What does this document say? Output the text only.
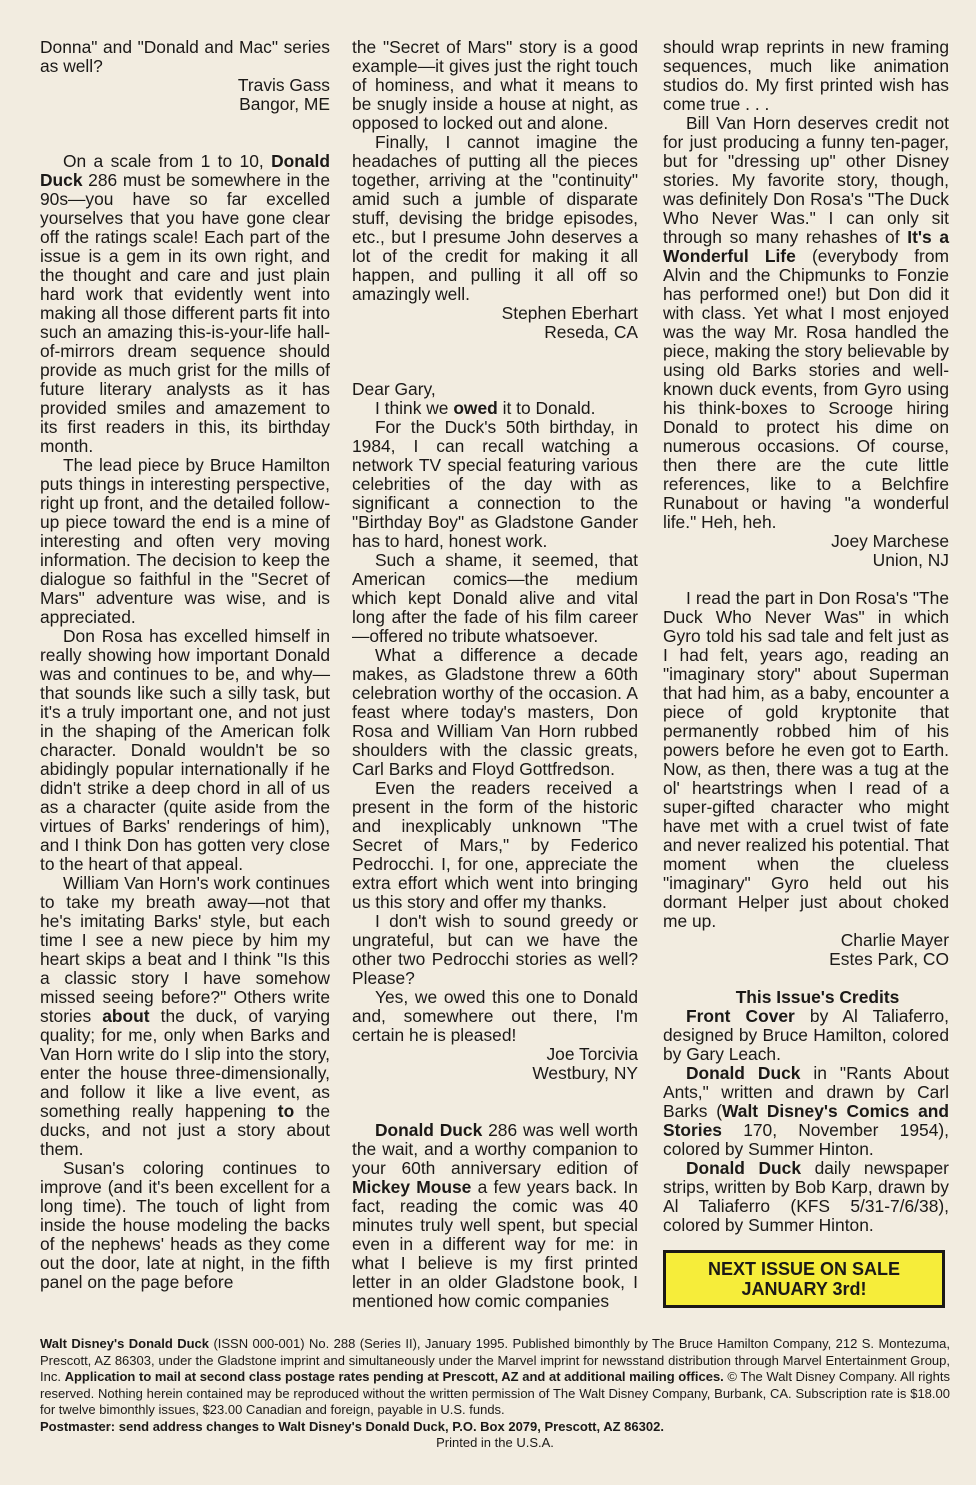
Donna" and "Donald and Mac" series as well?

Travis Gass

Bangor, ME

On a scale from 1 to 10, Donald Duck 286 must be somewhere in the 90s—you have so far excelled yourselves that you have gone clear off the ratings scale! Each part of the issue is a gem in its own right, and the thought and care and just plain hard work that evidently went into making all those different parts fit into such an amazing this-is-your-life hall-of-mirrors dream sequence should provide as much grist for the mills of future literary analysts as it has provided smiles and amazement to its first readers in this, its birthday month.

The lead piece by Bruce Hamilton puts things in interesting perspective, right up front, and the detailed follow-up piece toward the end is a mine of interesting and often very moving information. The decision to keep the dialogue so faithful in the "Secret of Mars" adventure was wise, and is appreciated.

Don Rosa has excelled himself in really showing how important Donald was and continues to be, and why—that sounds like such a silly task, but it's a truly important one, and not just in the shaping of the American folk character. Donald wouldn't be so abidingly popular internationally if he didn't strike a deep chord in all of us as a character (quite aside from the virtues of Barks' renderings of him), and I think Don has gotten very close to the heart of that appeal.

William Van Horn's work continues to take my breath away—not that he's imitating Barks' style, but each time I see a new piece by him my heart skips a beat and I think "Is this a classic story I have somehow missed seeing before?" Others write stories about the duck, of varying quality; for me, only when Barks and Van Horn write do I slip into the story, enter the house three-dimensionally, and follow it like a live event, as something really happening to the ducks, and not just a story about them.

Susan's coloring continues to improve (and it's been excellent for a long time). The touch of light from inside the house modeling the backs of the nephews' heads as they come out the door, late at night, in the fifth panel on the page before

the "Secret of Mars" story is a good example—it gives just the right touch of hominess, and what it means to be snugly inside a house at night, as opposed to locked out and alone.

Finally, I cannot imagine the headaches of putting all the pieces together, arriving at the "continuity" amid such a jumble of disparate stuff, devising the bridge episodes, etc., but I presume John deserves a lot of the credit for making it all happen, and pulling it all off so amazingly well.

Stephen Eberhart

Reseda, CA

Dear Gary,

I think we owed it to Donald.

For the Duck's 50th birthday, in 1984, I can recall watching a network TV special featuring various celebrities of the day with as significant a connection to the "Birthday Boy" as Gladstone Gander has to hard, honest work.

Such a shame, it seemed, that American comics—the medium which kept Donald alive and vital long after the fade of his film career—offered no tribute whatsoever.

What a difference a decade makes, as Gladstone threw a 60th celebration worthy of the occasion. A feast where today's masters, Don Rosa and William Van Horn rubbed shoulders with the classic greats, Carl Barks and Floyd Gottfredson.

Even the readers received a present in the form of the historic and inexplicably unknown "The Secret of Mars," by Federico Pedrocchi. I, for one, appreciate the extra effort which went into bringing us this story and offer my thanks.

I don't wish to sound greedy or ungrateful, but can we have the other two Pedrocchi stories as well? Please?

Yes, we owed this one to Donald and, somewhere out there, I'm certain he is pleased!

Joe Torcivia

Westbury, NY

Donald Duck 286 was well worth the wait, and a worthy companion to your 60th anniversary edition of Mickey Mouse a few years back. In fact, reading the comic was 40 minutes truly well spent, but special even in a different way for me: in what I believe is my first printed letter in an older Gladstone book, I mentioned how comic companies

should wrap reprints in new framing sequences, much like animation studios do. My first printed wish has come true . . .

Bill Van Horn deserves credit not for just producing a funny ten-pager, but for "dressing up" other Disney stories. My favorite story, though, was definitely Don Rosa's "The Duck Who Never Was." I can only sit through so many rehashes of It's a Wonderful Life (everybody from Alvin and the Chipmunks to Fonzie has performed one!) but Don did it with class. Yet what I most enjoyed was the way Mr. Rosa handled the piece, making the story believable by using old Barks stories and well-known duck events, from Gyro using his think-boxes to Scrooge hiring Donald to protect his dime on numerous occasions. Of course, then there are the cute little references, like to a Belchfire Runabout or having "a wonderful life." Heh, heh.

Joey Marchese

Union, NJ

I read the part in Don Rosa's "The Duck Who Never Was" in which Gyro told his sad tale and felt just as I had felt, years ago, reading an "imaginary story" about Superman that had him, as a baby, encounter a piece of gold kryptonite that permanently robbed him of his powers before he even got to Earth. Now, as then, there was a tug at the ol' heartstrings when I read of a super-gifted character who might have met with a cruel twist of fate and never realized his potential. That moment when the clueless "imaginary" Gyro held out his dormant Helper just about choked me up.

Charlie Mayer

Estes Park, CO

This Issue's Credits

Front Cover by Al Taliaferro, designed by Bruce Hamilton, colored by Gary Leach.

Donald Duck in "Rants About Ants," written and drawn by Carl Barks (Walt Disney's Comics and Stories 170, November 1954), colored by Summer Hinton.

Donald Duck daily newspaper strips, written by Bob Karp, drawn by Al Taliaferro (KFS 5/31-7/6/38), colored by Summer Hinton.

NEXT ISSUE ON SALE
JANUARY 3rd!

Walt Disney's Donald Duck (ISSN 000-001) No. 288 (Series II), January 1995. Published bimonthly by The Bruce Hamilton Company, 212 S. Montezuma, Prescott, AZ 86303, under the Gladstone imprint and simultaneously under the Marvel imprint for newsstand distribution through Marvel Entertainment Group, Inc. Application to mail at second class postage rates pending at Prescott, AZ and at additional mailing offices. © The Walt Disney Company. All rights reserved. Nothing herein contained may be reproduced without the written permission of The Walt Disney Company, Burbank, CA. Subscription rate is $18.00 for twelve bimonthly issues, $23.00 Canadian and foreign, payable in U.S. funds.

Postmaster: send address changes to Walt Disney's Donald Duck, P.O. Box 2079, Prescott, AZ 86302.

Printed in the U.S.A.
